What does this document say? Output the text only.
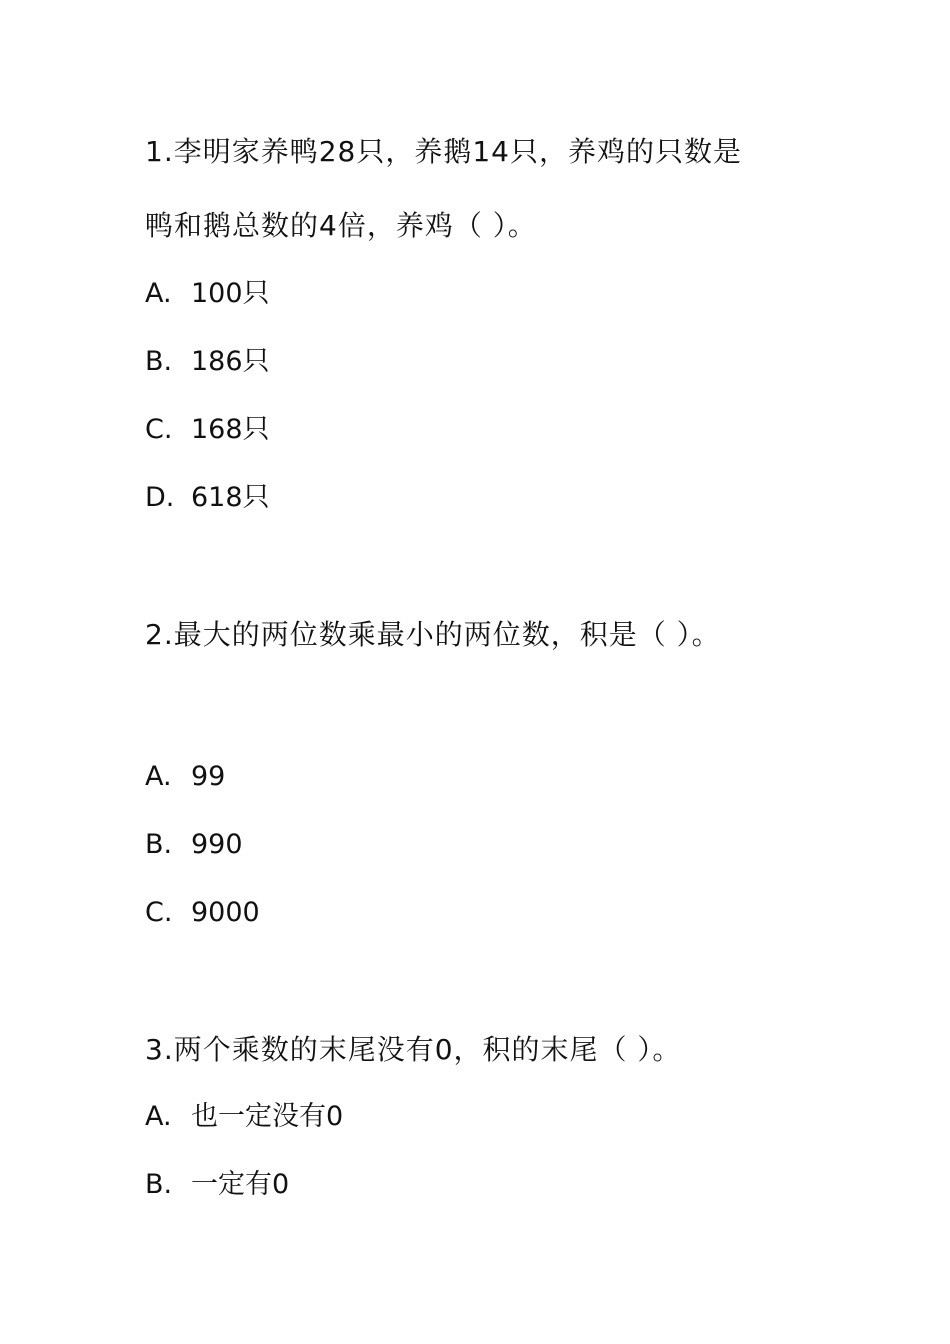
1.李明家养鸭28只，养鹅14只，养鸡的只数是
鸭和鹅总数的4倍，养鸡（ ）。
A. 100只
B. 186只
C. 168只
D. 618只
2.最大的两位数乘最小的两位数，积是（ ）。
A. 99
B. 990
C. 9000
3.两个乘数的末尾没有0，积的末尾（ ）。
A. 也一定没有0
B. 一定有0
